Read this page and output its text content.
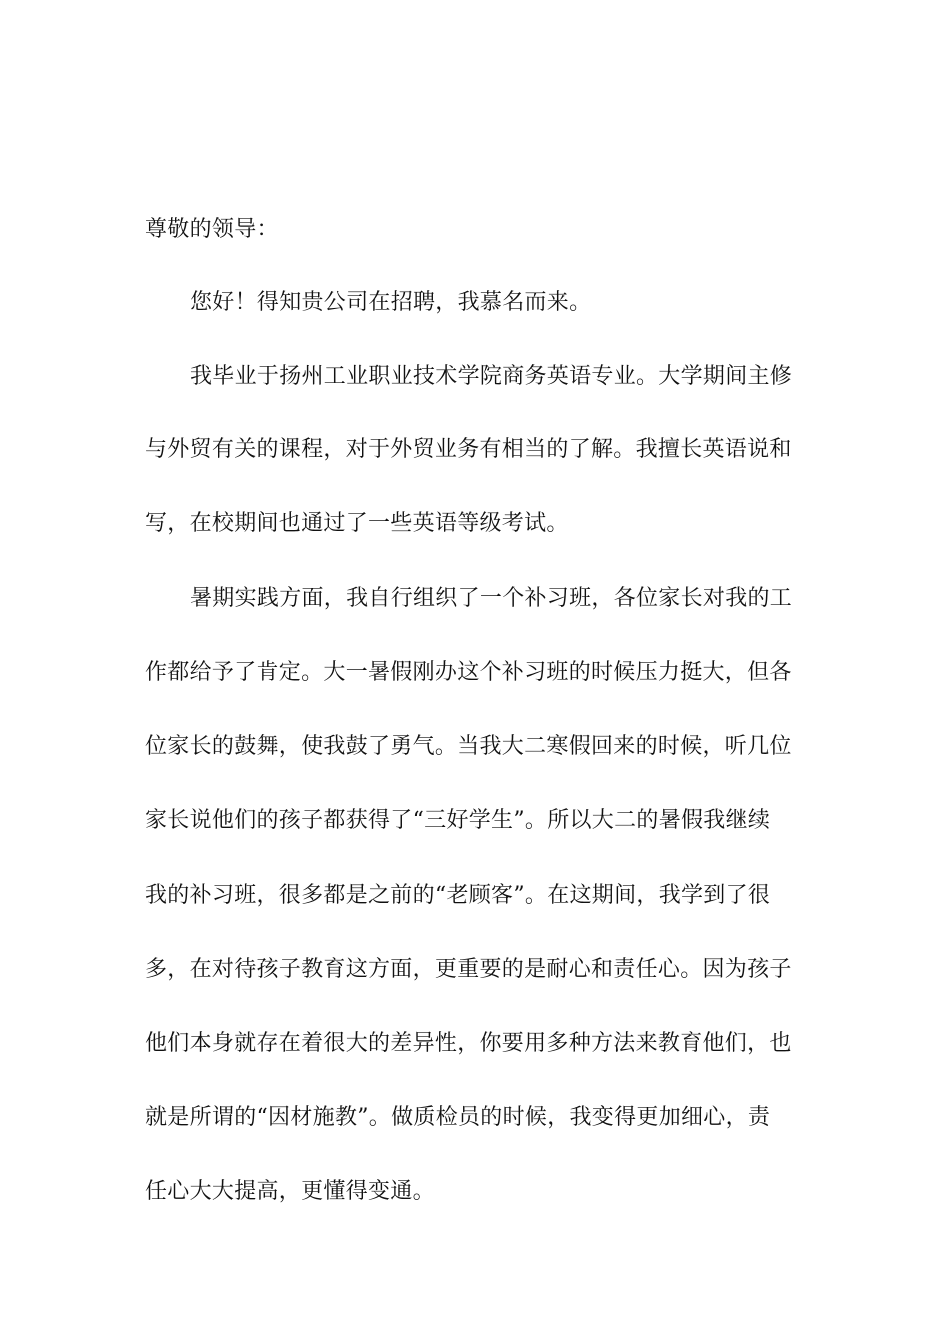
尊敬的领导：
您好！得知贵公司在招聘，我慕名而来。
我毕业于扬州工业职业技术学院商务英语专业。大学期间主修
与外贸有关的课程，对于外贸业务有相当的了解。我擅长英语说和
写，在校期间也通过了一些英语等级考试。
暑期实践方面，我自行组织了一个补习班，各位家长对我的工
作都给予了肯定。大一暑假刚办这个补习班的时候压力挺大，但各
位家长的鼓舞，使我鼓了勇气。当我大二寒假回来的时候，听几位
家长说他们的孩子都获得了“三好学生”。所以大二的暑假我继续
我的补习班，很多都是之前的“老顾客”。在这期间，我学到了很
多，在对待孩子教育这方面，更重要的是耐心和责任心。因为孩子
他们本身就存在着很大的差异性，你要用多种方法来教育他们，也
就是所谓的“因材施教”。做质检员的时候，我变得更加细心，责
任心大大提高，更懂得变通。
